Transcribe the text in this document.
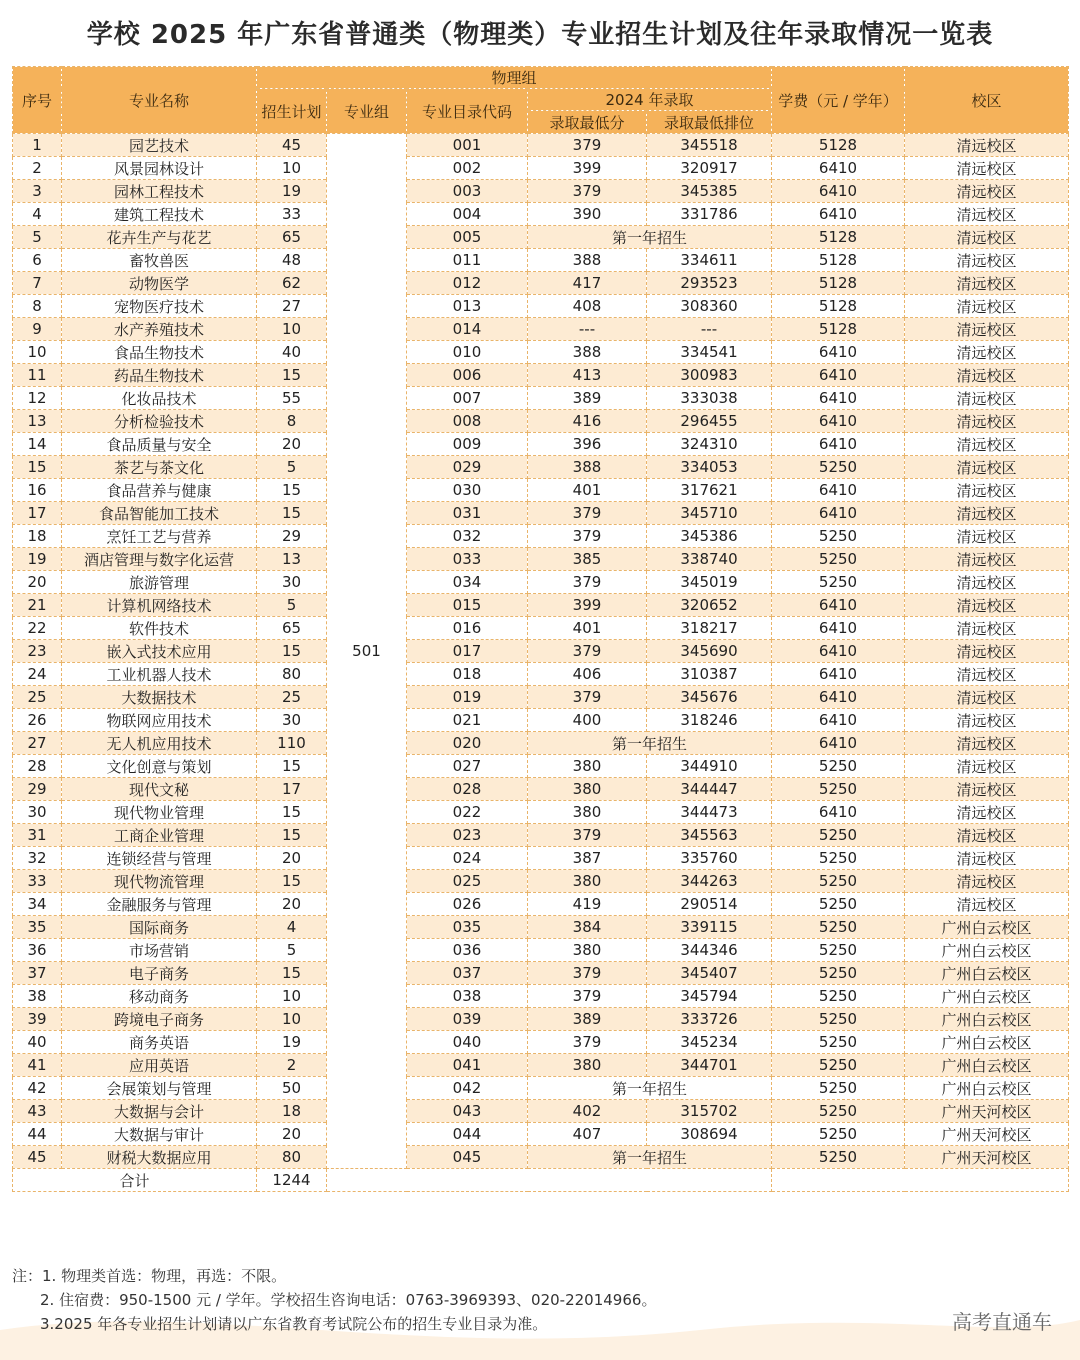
学校 2025 年广东省普通类（物理类）专业招生计划及往年录取情况一览表
序号	专业名称	物理组					学费（元 / 学年）	校区
		招生计划	专业组	专业目录代码	2024 年录取			
					录取最低分	录取最低排位		
1	园艺技术	45	501	001	379	345518	5128	清远校区
2	风景园林设计	10		002	399	320917	6410	清远校区
3	园林工程技术	19		003	379	345385	6410	清远校区
4	建筑工程技术	33		004	390	331786	6410	清远校区
5	花卉生产与花艺	65		005	第一年招生		5128	清远校区
6	畜牧兽医	48		011	388	334611	5128	清远校区
7	动物医学	62		012	417	293523	5128	清远校区
8	宠物医疗技术	27		013	408	308360	5128	清远校区
9	水产养殖技术	10		014	---	---	5128	清远校区
10	食品生物技术	40		010	388	334541	6410	清远校区
11	药品生物技术	15		006	413	300983	6410	清远校区
12	化妆品技术	55		007	389	333038	6410	清远校区
13	分析检验技术	8		008	416	296455	6410	清远校区
14	食品质量与安全	20		009	396	324310	6410	清远校区
15	茶艺与茶文化	5		029	388	334053	5250	清远校区
16	食品营养与健康	15		030	401	317621	6410	清远校区
17	食品智能加工技术	15		031	379	345710	6410	清远校区
18	烹饪工艺与营养	29		032	379	345386	5250	清远校区
19	酒店管理与数字化运营	13		033	385	338740	5250	清远校区
20	旅游管理	30		034	379	345019	5250	清远校区
21	计算机网络技术	5		015	399	320652	6410	清远校区
22	软件技术	65		016	401	318217	6410	清远校区
23	嵌入式技术应用	15		017	379	345690	6410	清远校区
24	工业机器人技术	80		018	406	310387	6410	清远校区
25	大数据技术	25		019	379	345676	6410	清远校区
26	物联网应用技术	30		021	400	318246	6410	清远校区
27	无人机应用技术	110		020	第一年招生		6410	清远校区
28	文化创意与策划	15		027	380	344910	5250	清远校区
29	现代文秘	17		028	380	344447	5250	清远校区
30	现代物业管理	15		022	380	344473	6410	清远校区
31	工商企业管理	15		023	379	345563	5250	清远校区
32	连锁经营与管理	20		024	387	335760	5250	清远校区
33	现代物流管理	15		025	380	344263	5250	清远校区
34	金融服务与管理	20		026	419	290514	5250	清远校区
35	国际商务	4		035	384	339115	5250	广州白云校区
36	市场营销	5		036	380	344346	5250	广州白云校区
37	电子商务	15		037	379	345407	5250	广州白云校区
38	移动商务	10		038	379	345794	5250	广州白云校区
39	跨境电子商务	10		039	389	333726	5250	广州白云校区
40	商务英语	19		040	379	345234	5250	广州白云校区
41	应用英语	2		041	380	344701	5250	广州白云校区
42	会展策划与管理	50		042	第一年招生		5250	广州白云校区
43	大数据与会计	18		043	402	315702	5250	广州天河校区
44	大数据与审计	20		044	407	308694	5250	广州天河校区
45	财税大数据应用	80		045	第一年招生		5250	广州天河校区
合计		1244						
注：1. 物理类首选：物理，再选：不限。
2. 住宿费：950-1500 元 / 学年。学校招生咨询电话：0763-3969393、020-22014966。
3.2025 年各专业招生计划请以广东省教育考试院公布的招生专业目录为准。	高考直通车
